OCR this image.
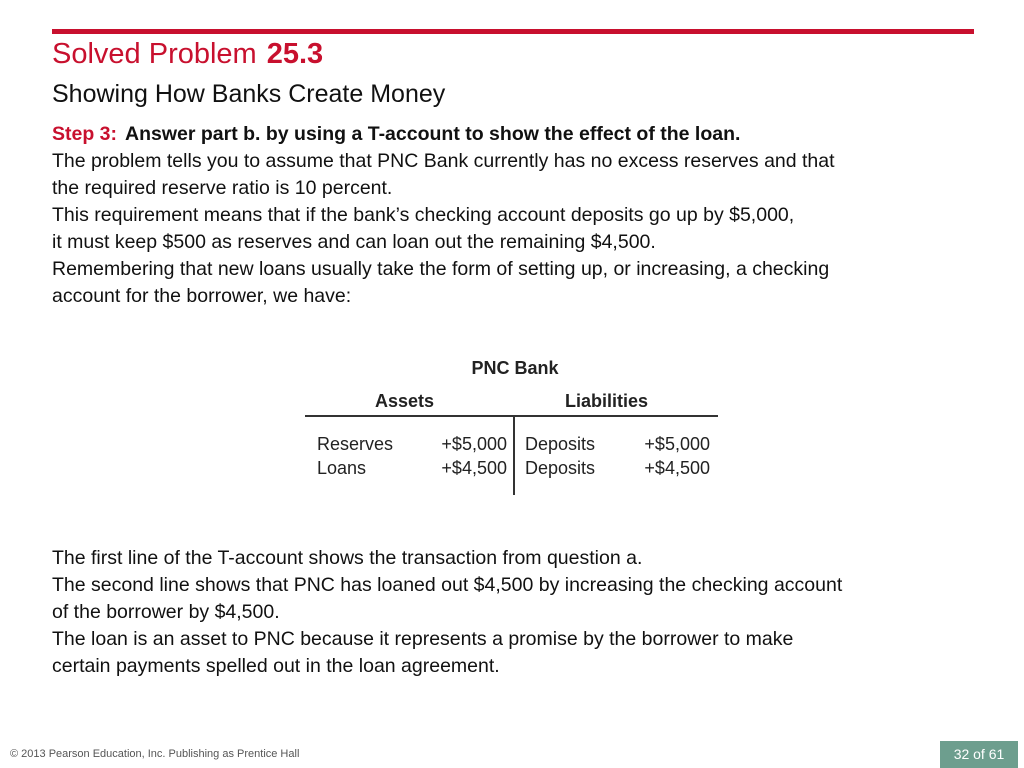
Solved Problem 25.3
Showing How Banks Create Money
Step 3: Answer part b. by using a T-account to show the effect of the loan.
The problem tells you to assume that PNC Bank currently has no excess reserves and that
the required reserve ratio is 10 percent.
This requirement means that if the bank’s checking account deposits go up by $5,000,
it must keep $500 as reserves and can loan out the remaining $4,500.
Remembering that new loans usually take the form of setting up, or increasing, a checking
account for the borrower, we have:
PNC Bank
Assets	Liabilities
Reserves	+$5,000 Deposits	+$5,000
Loans	+$4,500 Deposits	+$4,500
The first line of the T-account shows the transaction from question a.
The second line shows that PNC has loaned out $4,500 by increasing the checking account
of the borrower by $4,500.
The loan is an asset to PNC because it represents a promise by the borrower to make
certain payments spelled out in the loan agreement.
© 2013 Pearson Education, Inc. Publishing as Prentice Hall	32 of 61
